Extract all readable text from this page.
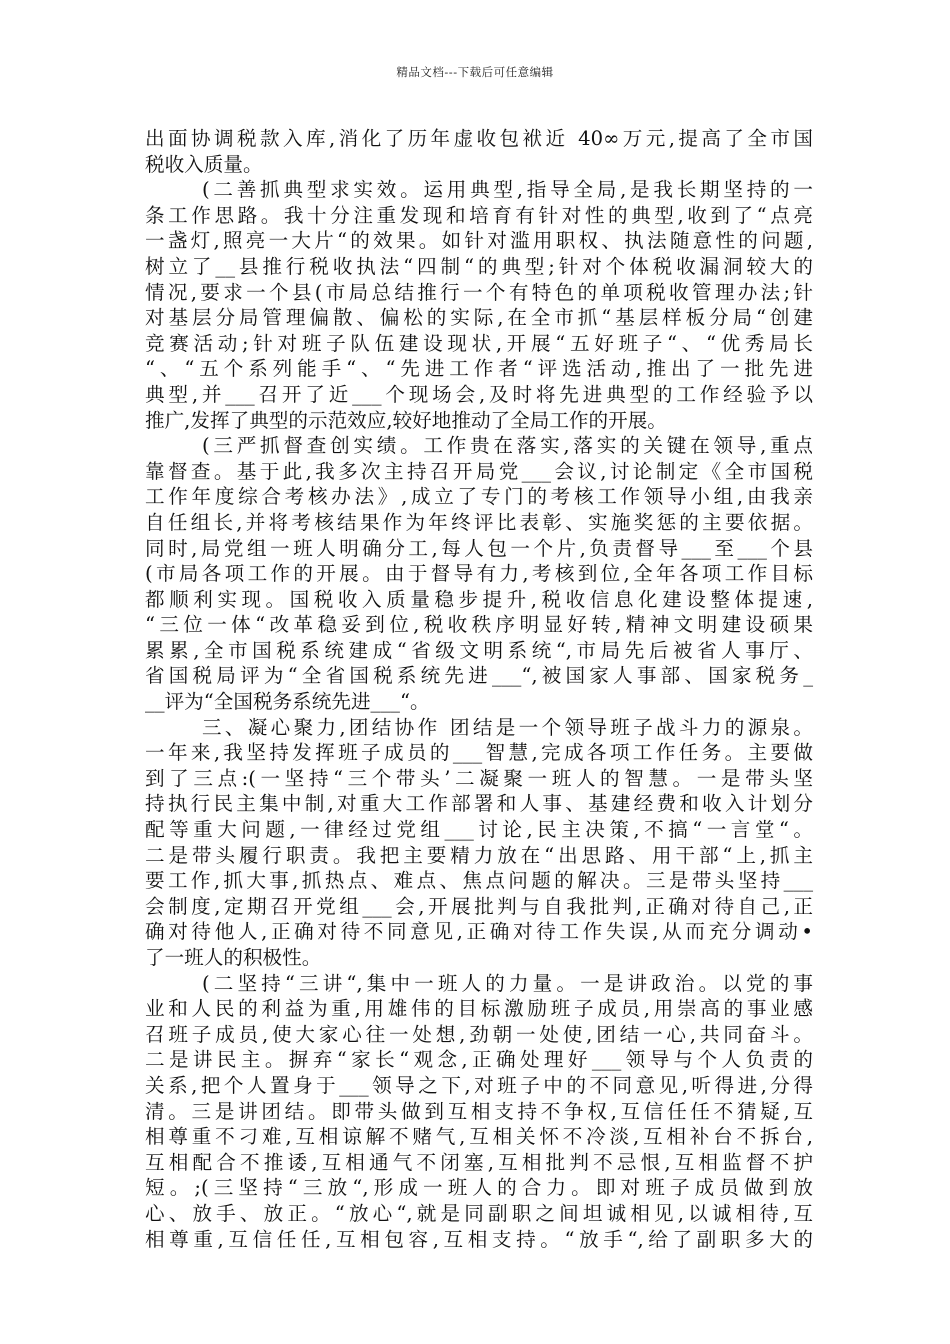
精品文档---下载后可任意编辑
出面协调税款入库,消化了历年虚收包袱近 40∞万元,提高了全市国
税收入质量。
(二善抓典型求实效。运用典型,指导全局,是我长期坚持的一
条工作思路。我十分注重发现和培育有针对性的典型,收到了“点亮
一盏灯,照亮一大片“的效果。如针对滥用职权、执法随意性的问题,
树立了__县推行税收执法“四制“的典型;针对个体税收漏洞较大的
情况,要求一个县(市局总结推行一个有特色的单项税收管理办法;针
对基层分局管理偏散、偏松的实际,在全市抓“基层样板分局“创建
竞赛活动;针对班子队伍建设现状,开展“五好班子“、“优秀局长
“、“五个系列能手“、“先进工作者“评选活动,推出了一批先进
典型,并___召开了近___个现场会,及时将先进典型的工作经验予以
推广,发挥了典型的示范效应,较好地推动了全局工作的开展。
(三严抓督查创实绩。工作贵在落实,落实的关键在领导,重点
靠督查。基于此,我多次主持召开局党___会议,讨论制定《全市国税
工作年度综合考核办法》,成立了专门的考核工作领导小组,由我亲
自任组长,并将考核结果作为年终评比表彰、实施奖惩的主要依据。
同时,局党组一班人明确分工,每人包一个片,负责督导___至___个县
(市局各项工作的开展。由于督导有力,考核到位,全年各项工作目标
都顺利实现。国税收入质量稳步提升,税收信息化建设整体提速,
“三位一体“改革稳妥到位,税收秩序明显好转,精神文明建设硕果
累累,全市国税系统建成“省级文明系统“,市局先后被省人事厅、
省国税局评为“全省国税系统先进___“,被国家人事部、国家税务_
__评为“全国税务系统先进___“。
三、凝心聚力,团结协作 团结是一个领导班子战斗力的源泉。
一年来,我坚持发挥班子成员的___智慧,完成各项工作任务。主要做
到了三点:(一坚持“三个带头’二凝聚一班人的智慧。一是带头坚
持执行民主集中制,对重大工作部署和人事、基建经费和收入计划分
配等重大问题,一律经过党组___讨论,民主决策,不搞“一言堂“。
二是带头履行职责。我把主要精力放在“出思路、用干部“上,抓主
要工作,抓大事,抓热点、难点、焦点问题的解决。三是带头坚持___
会制度,定期召开党组___会,开展批判与自我批判,正确对待自己,正
确对待他人,正确对待不同意见,正确对待工作失误,从而充分调动•
了一班人的积极性。
(二坚持“三讲“,集中一班人的力量。一是讲政治。以党的事
业和人民的利益为重,用雄伟的目标激励班子成员,用崇高的事业感
召班子成员,使大家心往一处想,劲朝一处使,团结一心,共同奋斗。
二是讲民主。摒弃“家长“观念,正确处理好___领导与个人负责的
关系,把个人置身于___领导之下,对班子中的不同意见,听得进,分得
清。三是讲团结。即带头做到互相支持不争权,互信任任不猜疑,互
相尊重不刁难,互相谅解不赌气,互相关怀不冷淡,互相补台不拆台,
互相配合不推诿,互相通气不闭塞,互相批判不忌恨,互相监督不护
短。;(三坚持“三放“,形成一班人的合力。即对班子成员做到放
心、放手、放正。“放心“,就是同副职之间坦诚相见,以诚相待,互
相尊重,互信任任,互相包容,互相支持。“放手“,给了副职多大的
